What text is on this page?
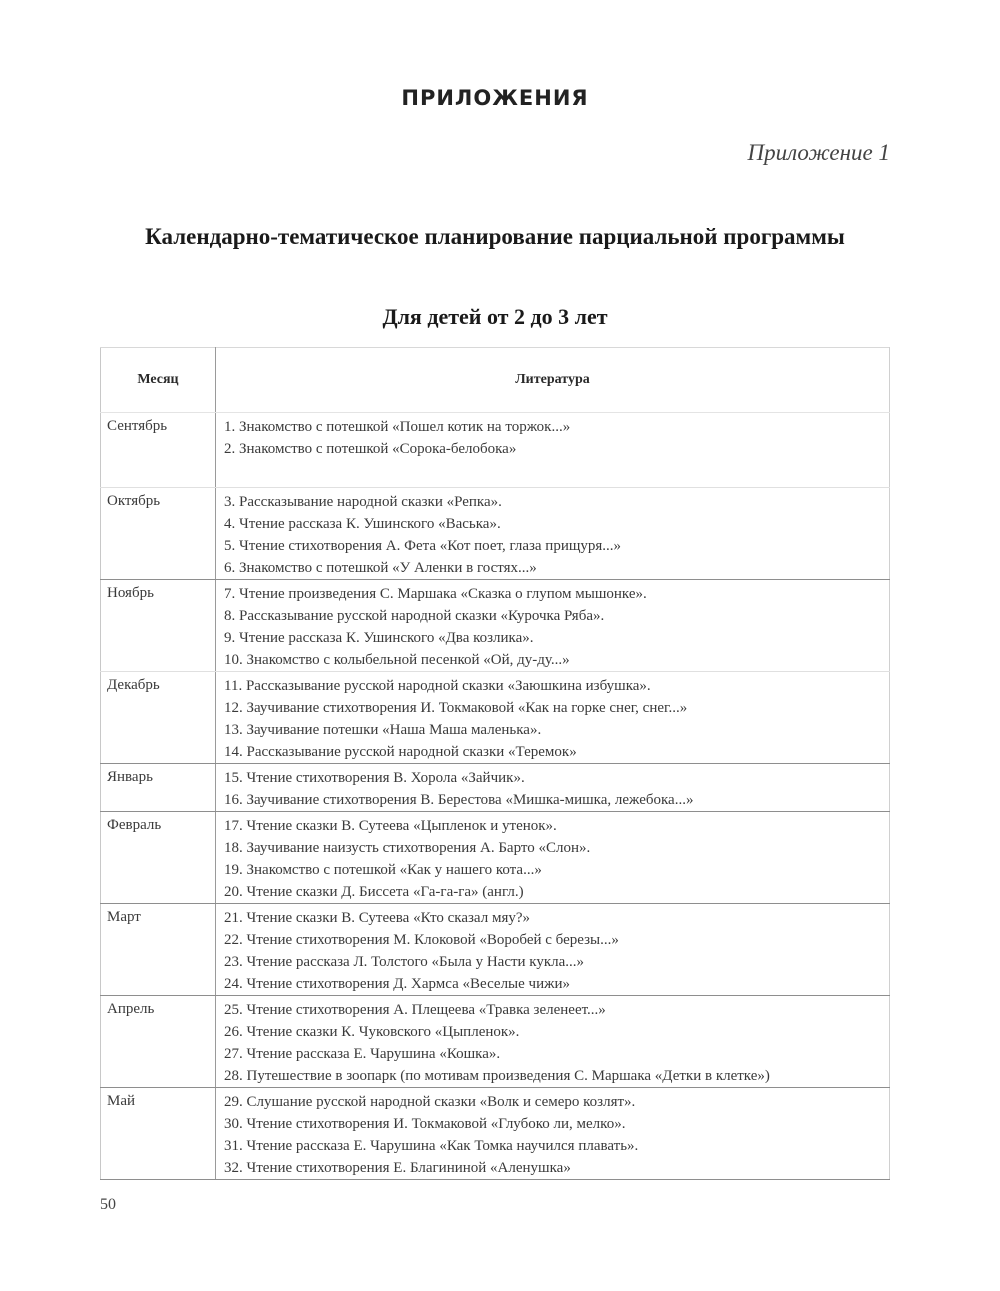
ПРИЛОЖЕНИЯ
Приложение 1
Календарно-тематическое планирование парциальной программы
Для детей от 2 до 3 лет
Месяц	Литература
Сентябрь	1. Знакомство с потешкой «Пошел котик на торжок...»
2. Знакомство с потешкой «Сорока-белобока»

Октябрь	3. Рассказывание народной сказки «Репка».
4. Чтение рассказа К. Ушинского «Васька».
5. Чтение стихотворения А. Фета «Кот поет, глаза прищуря...»
6. Знакомство с потешкой «У Аленки в гостях...»

Ноябрь	7. Чтение произведения С. Маршака «Сказка о глупом мышонке».
8. Рассказывание русской народной сказки «Курочка Ряба».
9. Чтение рассказа К. Ушинского «Два козлика».
10. Знакомство с колыбельной песенкой «Ой, ду-ду...»

Декабрь	11. Рассказывание русской народной сказки «Заюшкина избушка».
12. Заучивание стихотворения И. Токмаковой «Как на горке снег, снег...»
13. Заучивание потешки «Наша Маша маленька».
14. Рассказывание русской народной сказки «Теремок»

Январь	15. Чтение стихотворения В. Хорола «Зайчик».
16. Заучивание стихотворения В. Берестова «Мишка-мишка, лежебока...»

Февраль	17. Чтение сказки В. Сутеева «Цыпленок и утенок».
18. Заучивание наизусть стихотворения А. Барто «Слон».
19. Знакомство с потешкой «Как у нашего кота...»
20. Чтение сказки Д. Биссета «Га-га-га» (англ.)

Март	21. Чтение сказки В. Сутеева «Кто сказал мяу?»
22. Чтение стихотворения М. Клоковой «Воробей с березы...»
23. Чтение рассказа Л. Толстого «Была у Насти кукла...»
24. Чтение стихотворения Д. Хармса «Веселые чижи»

Апрель	25. Чтение стихотворения А. Плещеева «Травка зеленеет...»
26. Чтение сказки К. Чуковского «Цыпленок».
27. Чтение рассказа Е. Чарушина «Кошка».
28. Путешествие в зоопарк (по мотивам произведения С. Маршака «Детки в клетке»)

Май	29. Слушание русской народной сказки «Волк и семеро козлят».
30. Чтение стихотворения И. Токмаковой «Глубоко ли, мелко».
31. Чтение рассказа Е. Чарушина «Как Томка научился плавать».
32. Чтение стихотворения Е. Благининой «Аленушка»
50
